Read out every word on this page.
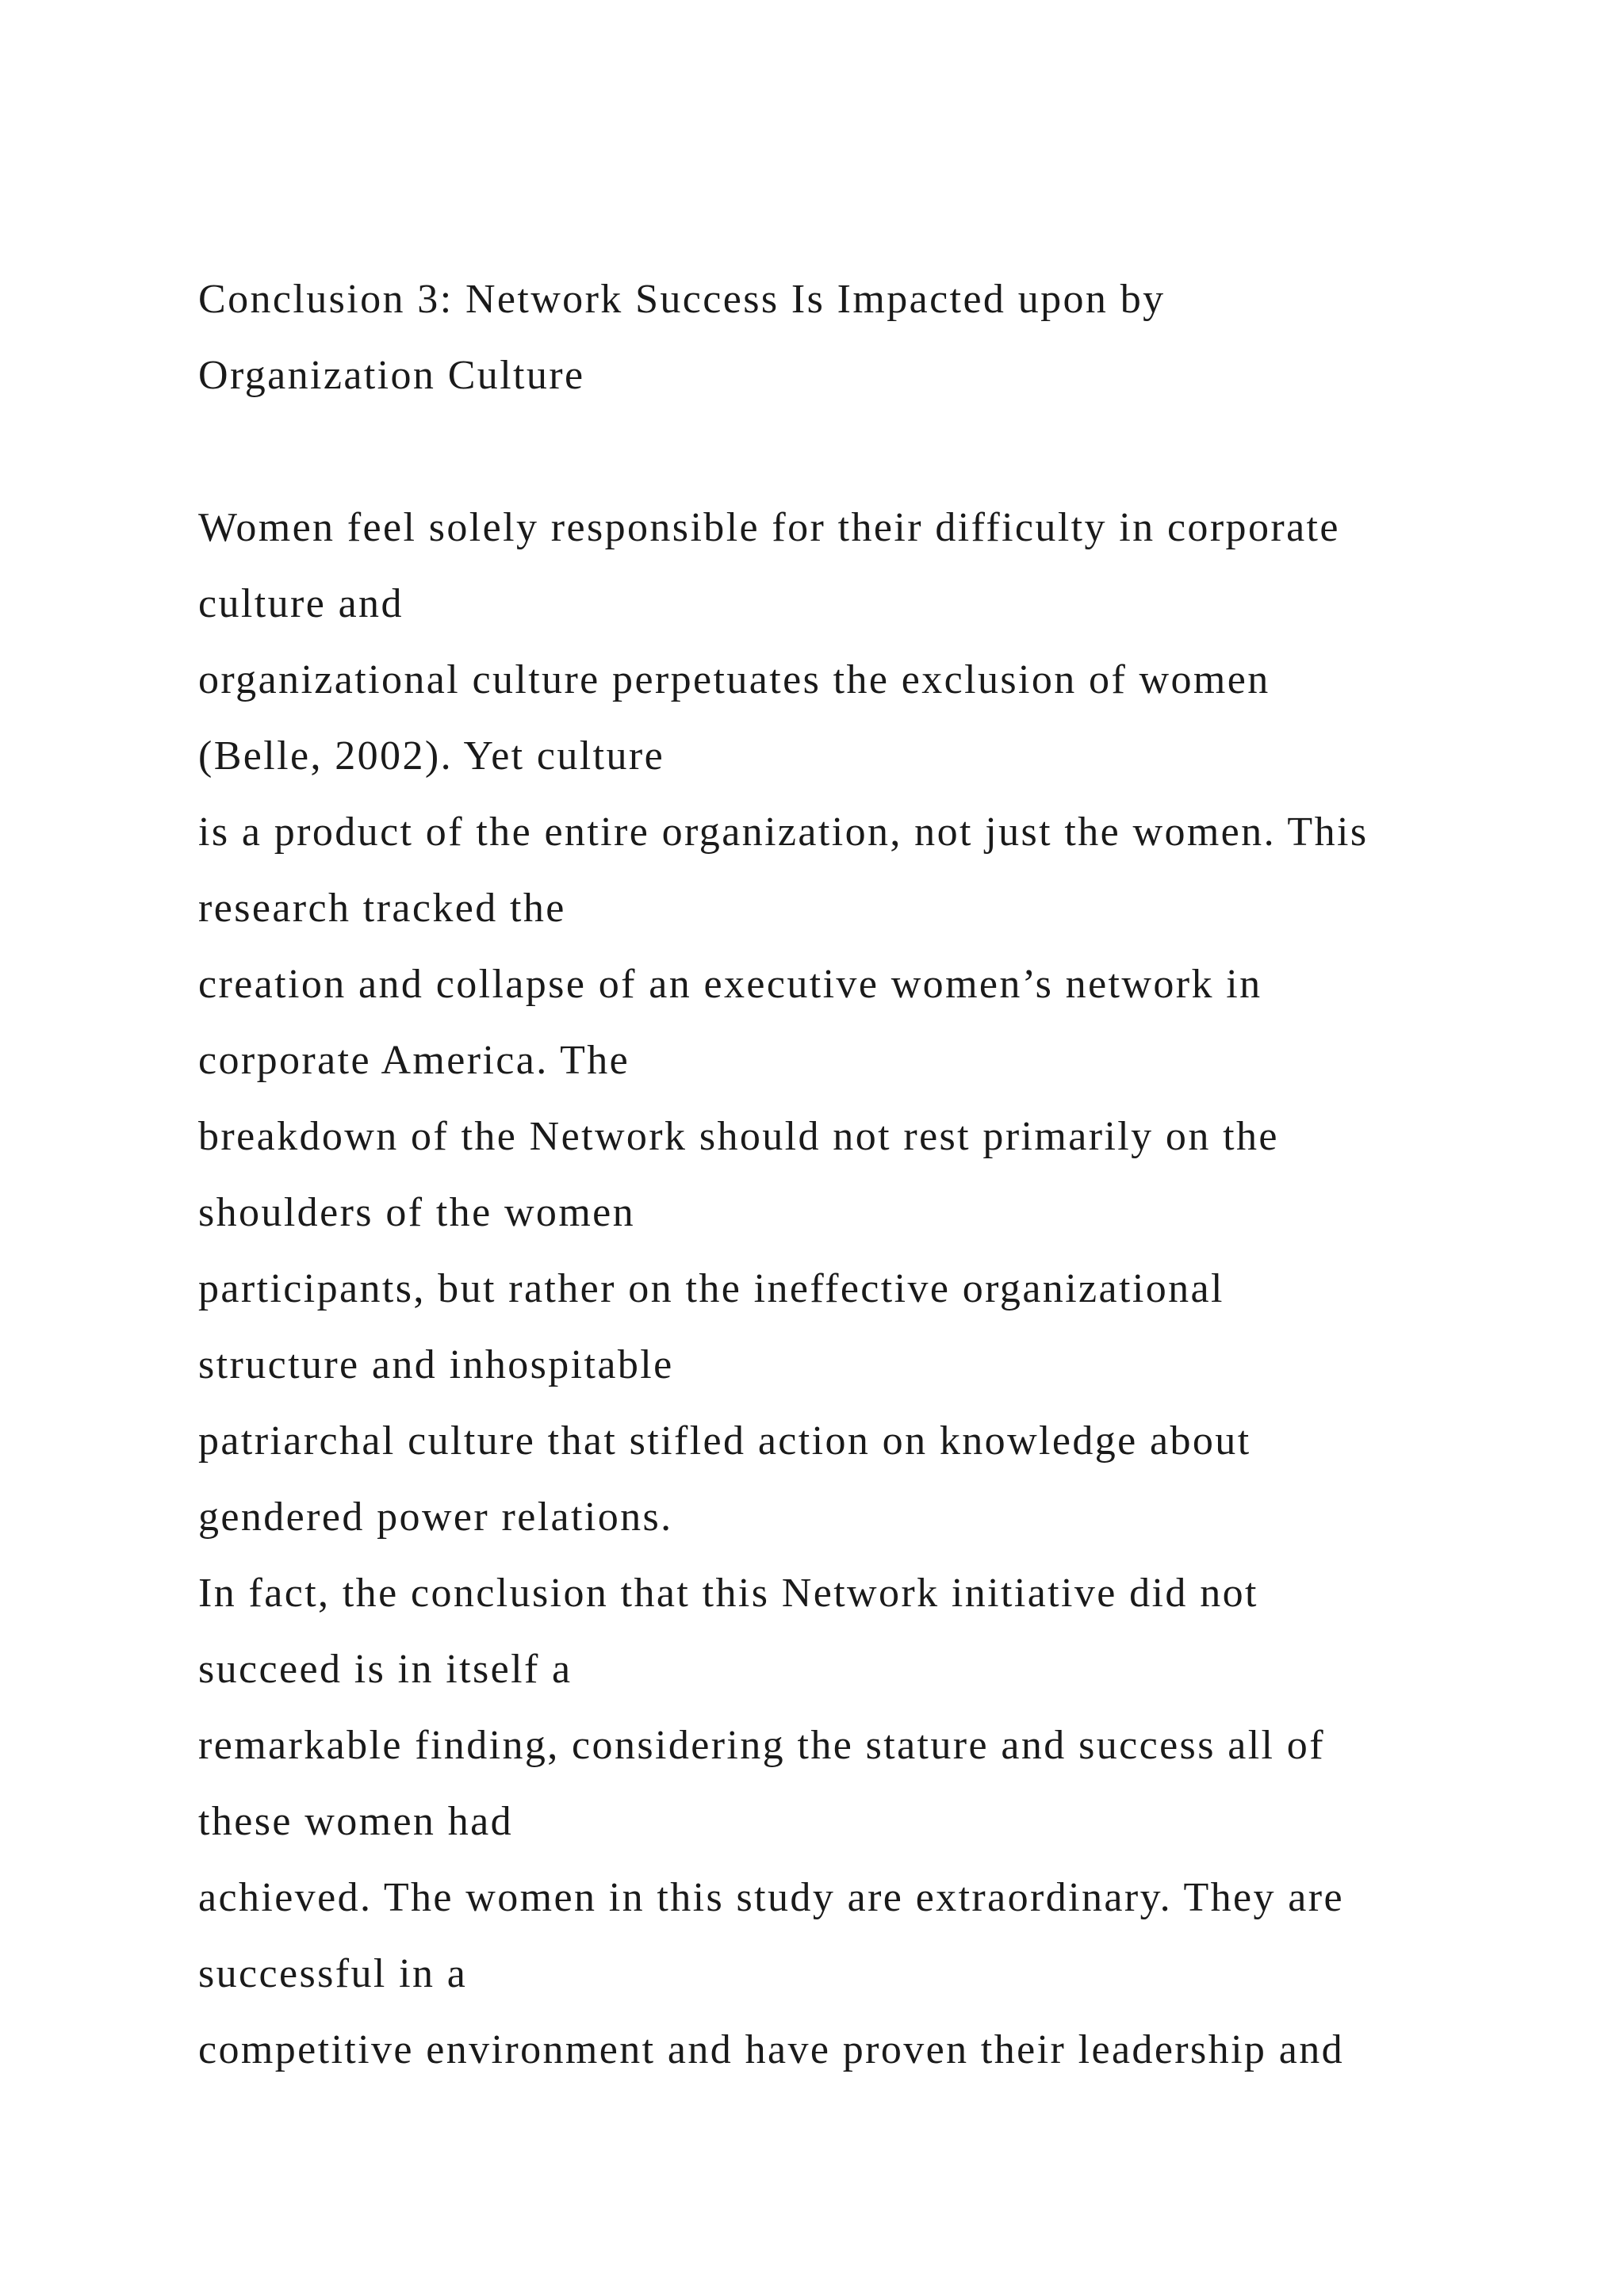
Conclusion 3: Network Success Is Impacted upon by
Organization Culture
Women feel solely responsible for their difficulty in corporate
culture and
organizational culture perpetuates the exclusion of women
(Belle, 2002). Yet culture
is a product of the entire organization, not just the women. This
research tracked the
creation and collapse of an executive women’s network in
corporate America. The
breakdown of the Network should not rest primarily on the
shoulders of the women
participants, but rather on the ineffective organizational
structure and inhospitable
patriarchal culture that stifled action on knowledge about
gendered power relations.
In fact, the conclusion that this Network initiative did not
succeed is in itself a
remarkable finding, considering the stature and success all of
these women had
achieved. The women in this study are extraordinary. They are
successful in a
competitive environment and have proven their leadership and
